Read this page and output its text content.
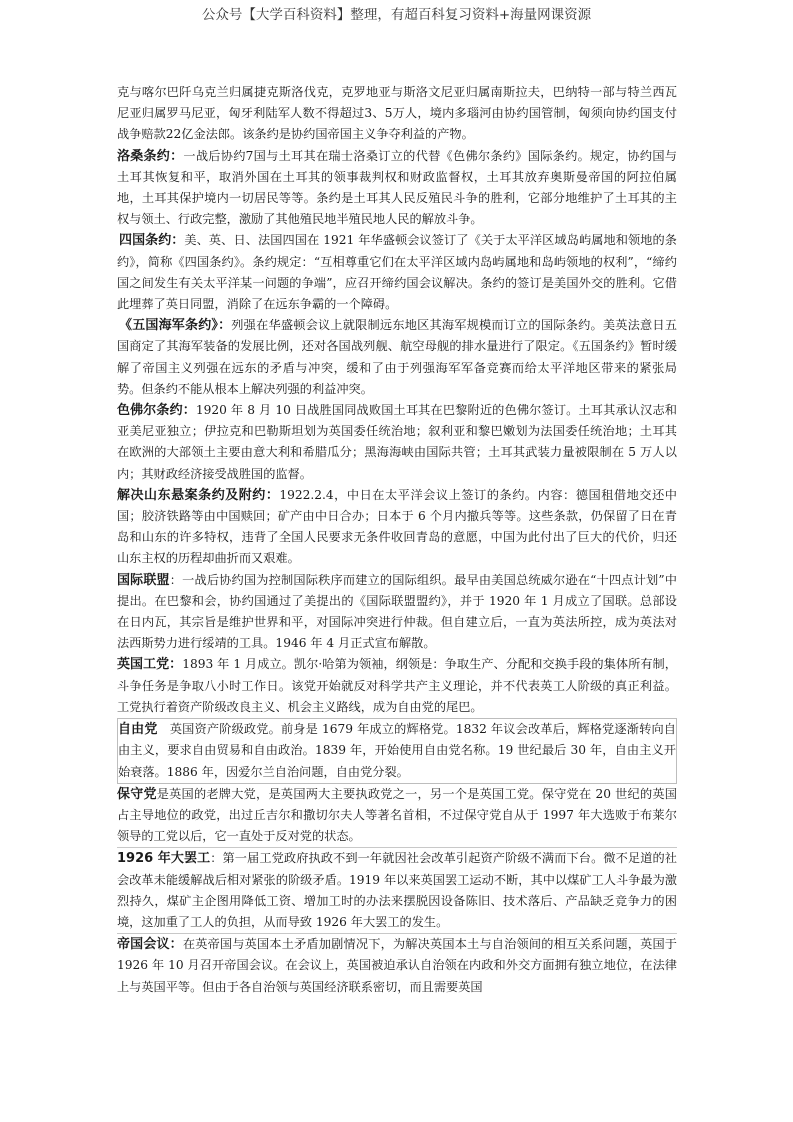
公众号【大学百科资料】整理，有超百科复习资料+海量网课资源

克与喀尔巴阡乌克兰归属捷克斯洛伐克，克罗地亚与斯洛文尼亚归属南斯拉夫，巴纳特一部与特兰西瓦尼亚归属罗马尼亚，匈牙利陆军人数不得超过3、5万人，境内多瑙河由协约国管制，匈须向协约国支付战争赔款22亿金法郎。该条约是协约国帝国主义争夺利益的产物。

洛桑条约：一战后协约7国与土耳其在瑞士洛桑订立的代替《色佛尔条约》国际条约。规定，协约国与土耳其恢复和平，取消外国在土耳其的领事裁判权和财政监督权，土耳其放弃奥斯曼帝国的阿拉伯属地，土耳其保护境内一切居民等等。条约是土耳其人民反殖民斗争的胜利，它部分地维护了土耳其的主权与领土、行政完整，激励了其他殖民地半殖民地人民的解放斗争。

四国条约：美、英、日、法国四国在 1921 年华盛顿会议签订了《关于太平洋区域岛屿属地和领地的条约》，简称《四国条约》。条约规定：“互相尊重它们在太平洋区域内岛屿属地和岛屿领地的权利”，“缔约国之间发生有关太平洋某一问题的争端”，应召开缔约国会议解决。条约的签订是美国外交的胜利。它借此埋葬了英日同盟，消除了在远东争霸的一个障碍。

《五国海军条约》：列强在华盛顿会议上就限制远东地区其海军规模而订立的国际条约。美英法意日五国商定了其海军装备的发展比例，还对各国战列舰、航空母舰的排水量进行了限定。《五国条约》暂时缓解了帝国主义列强在远东的矛盾与冲突，缓和了由于列强海军军备竞赛而给太平洋地区带来的紧张局势。但条约不能从根本上解决列强的利益冲突。

色佛尔条约：1920 年 8 月 10 日战胜国同战败国土耳其在巴黎附近的色佛尔签订。土耳其承认汉志和亚美尼亚独立；伊拉克和巴勒斯坦划为英国委任统治地；叙利亚和黎巴嫩划为法国委任统治地；土耳其在欧洲的大部领土主要由意大利和希腊瓜分；黑海海峡由国际共管；土耳其武装力量被限制在 5 万人以内；其财政经济接受战胜国的监督。

解决山东悬案条约及附约：1922.2.4，中日在太平洋会议上签订的条约。内容：德国租借地交还中国；胶济铁路等由中国赎回；矿产由中日合办；日本于 6 个月内撤兵等等。这些条款，仍保留了日在青岛和山东的许多特权，违背了全国人民要求无条件收回青岛的意愿，中国为此付出了巨大的代价，归还山东主权的历程却曲折而又艰难。

国际联盟：一战后协约国为控制国际秩序而建立的国际组织。最早由美国总统威尔逊在“十四点计划”中提出。在巴黎和会，协约国通过了美提出的《国际联盟盟约》，并于 1920 年 1 月成立了国联。总部设在日内瓦，其宗旨是维护世界和平，对国际冲突进行仲裁。但自建立后，一直为英法所控，成为英法对法西斯势力进行绥靖的工具。1946 年 4 月正式宣布解散。

英国工党：1893 年 1 月成立。凯尔·哈第为领袖，纲领是：争取生产、分配和交换手段的集体所有制，斗争任务是争取八小时工作日。该党开始就反对科学共产主义理论，并不代表英工人阶级的真正利益。工党执行着资产阶级改良主义、机会主义路线，成为自由党的尾巴。

自由党　英国资产阶级政党。前身是 1679 年成立的辉格党。1832 年议会改革后，辉格党逐渐转向自由主义，要求自由贸易和自由政治。1839 年，开始使用自由党名称。19 世纪最后 30 年，自由主义开始衰落。1886 年，因爱尔兰自治问题，自由党分裂。

保守党是英国的老牌大党，是英国两大主要执政党之一，另一个是英国工党。保守党在 20 世纪的英国占主导地位的政党，出过丘吉尔和撒切尔夫人等著名首相，不过保守党自从于 1997 年大选败于布莱尔领导的工党以后，它一直处于反对党的状态。

1926 年大罢工：第一届工党政府执政不到一年就因社会改革引起资产阶级不满而下台。微不足道的社会改革未能缓解战后相对紧张的阶级矛盾。1919 年以来英国罢工运动不断，其中以煤矿工人斗争最为激烈持久，煤矿主企图用降低工资、增加工时的办法来摆脱因设备陈旧、技术落后、产品缺乏竞争力的困境，这加重了工人的负担，从而导致 1926 年大罢工的发生。

帝国会议：在英帝国与英国本土矛盾加剧情况下，为解决英国本土与自治领间的相互关系问题，英国于 1926 年 10 月召开帝国会议。在会议上，英国被迫承认自治领在内政和外交方面拥有独立地位，在法律上与英国平等。但由于各自治领与英国经济联系密切，而且需要英国
